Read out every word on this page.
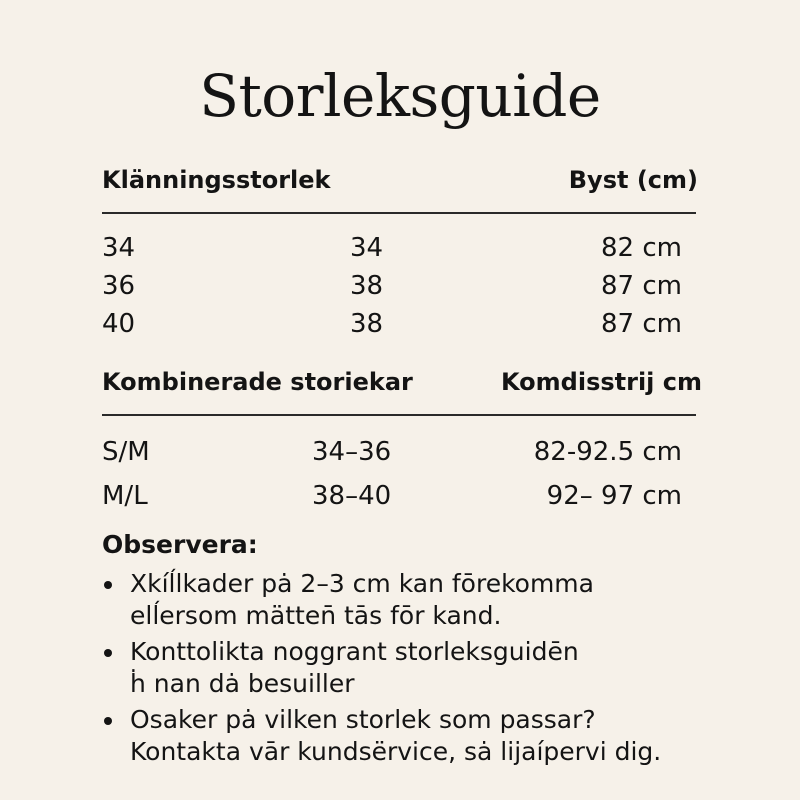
Storleksguide
Klänningsstorlek	Byst (cm)
34	34	82 cm
36	38	87 cm
40	38	87 cm
Kombinerade storiekar	Komdisstrij cm
S/M	34–36	82-92.5 cm
M/L	38–40	92– 97 cm
Observera:
Xkíĺlkader pȧ 2–3 cm kan fōrekomma
elĺersom mätten̄ tās fōr kand.
Konttolikta noggrant storleksguidēn
ḣ nan dȧ besuiller
Osaker pȧ vilken storlek som passar?
Kontakta vār kundsërvice, sȧ lijaípervi dig.
